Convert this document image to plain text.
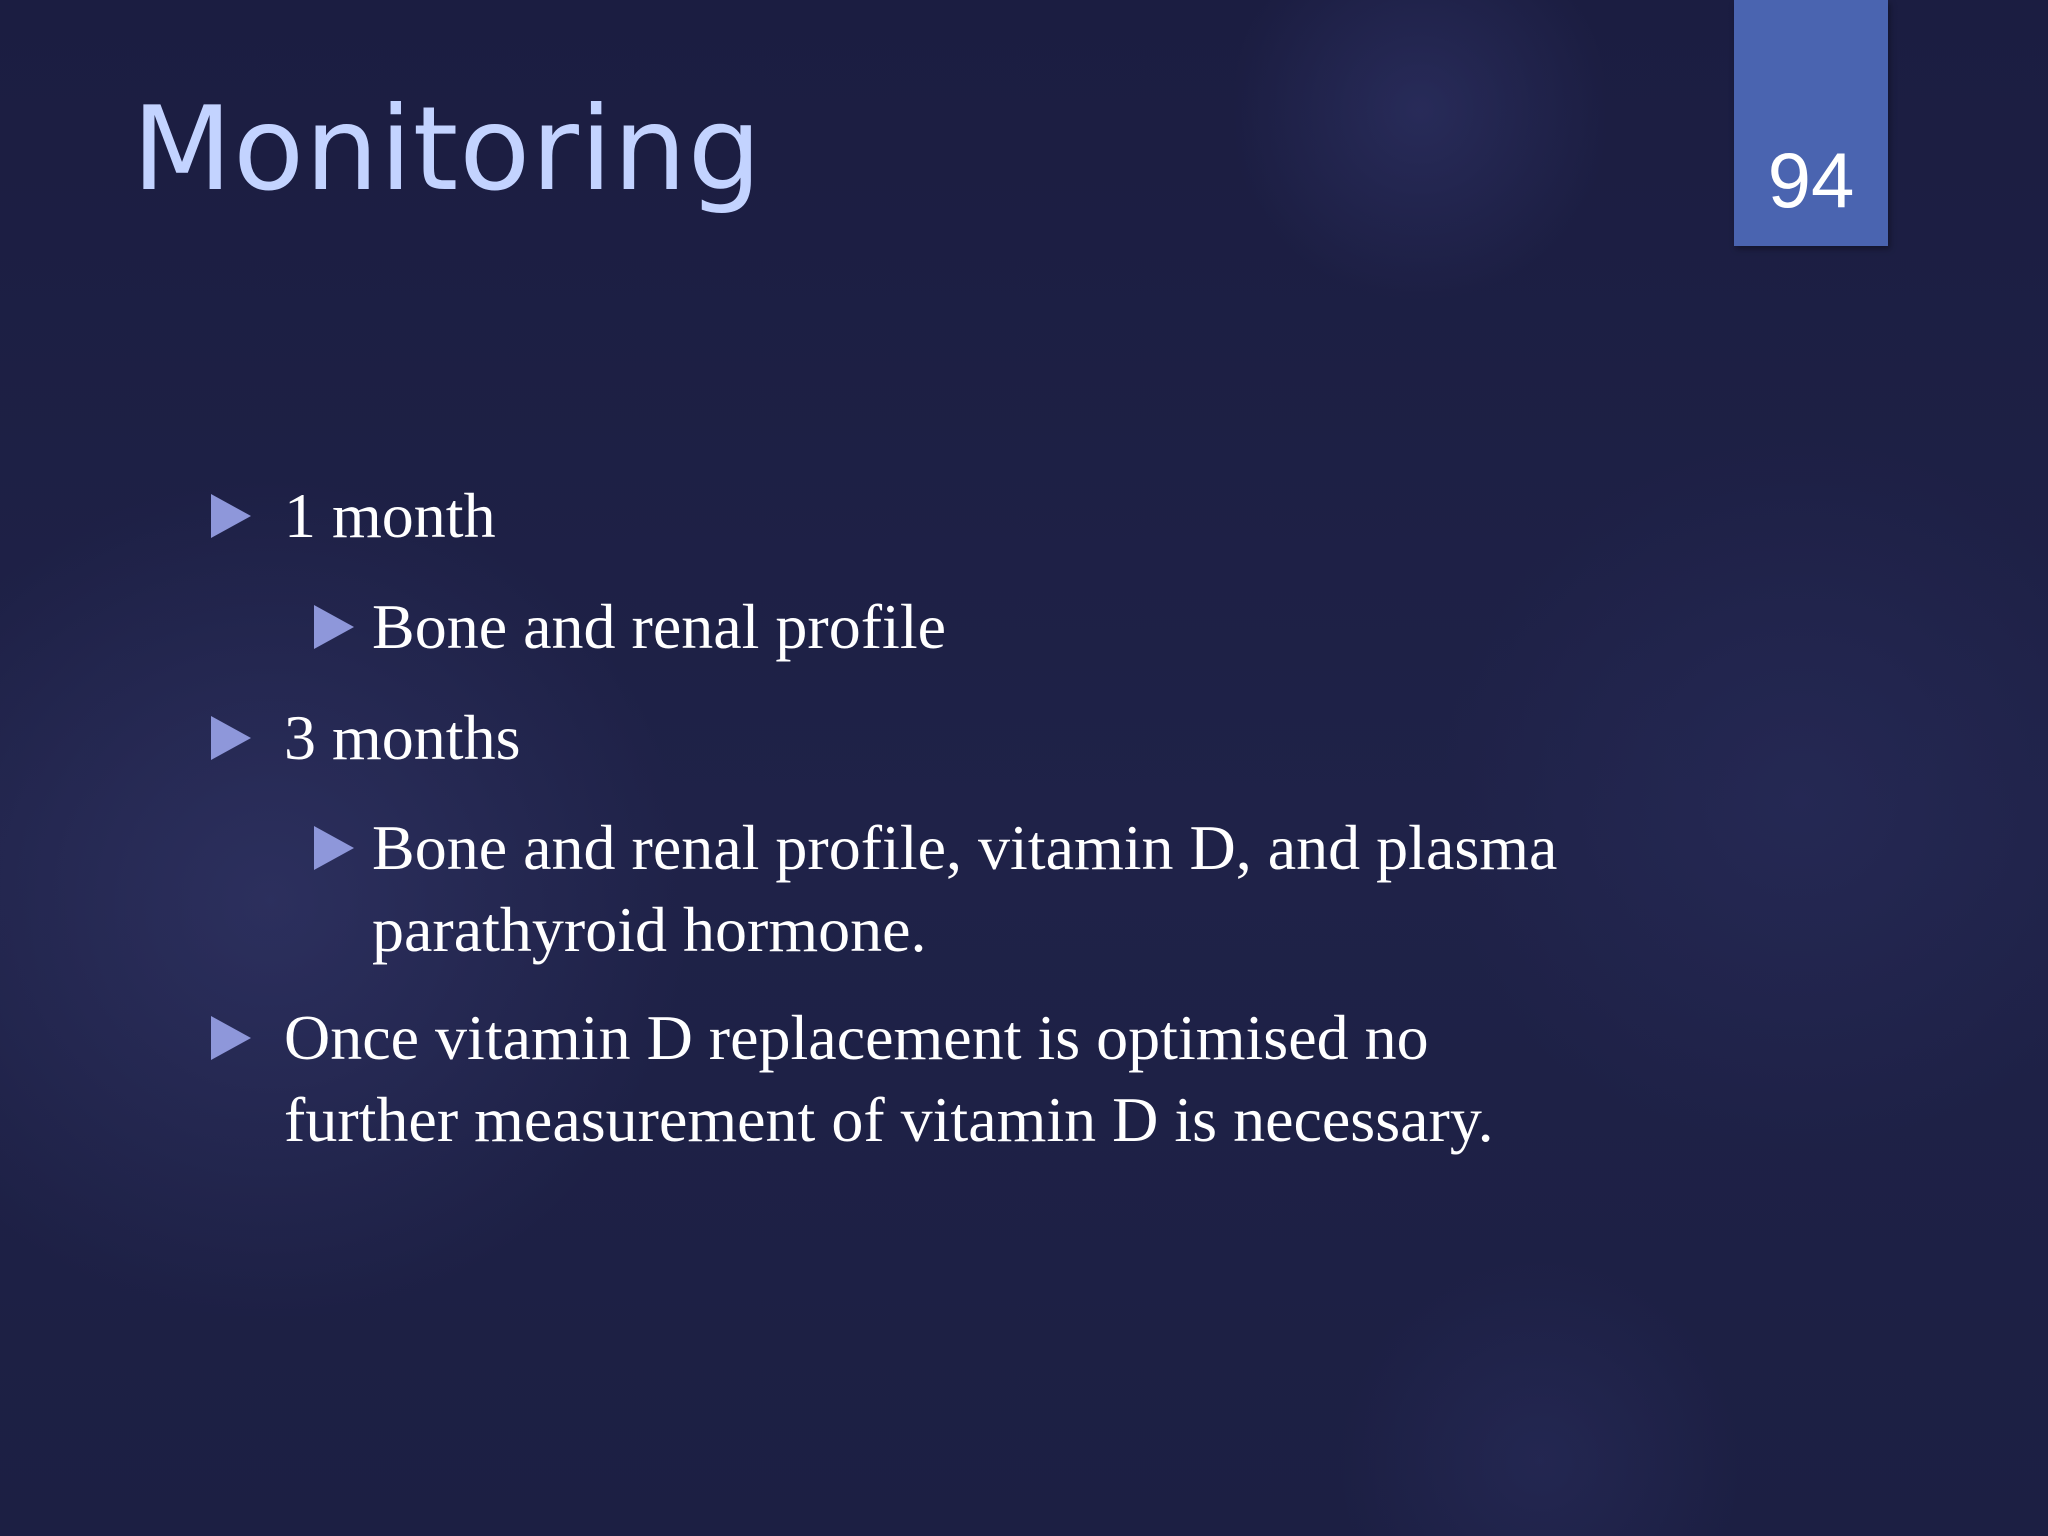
Monitoring	94
1 month
Bone and renal profile
3 months
Bone and renal profile, vitamin D, and plasma
parathyroid hormone.
Once vitamin D replacement is optimised no
further measurement of vitamin D is necessary.
